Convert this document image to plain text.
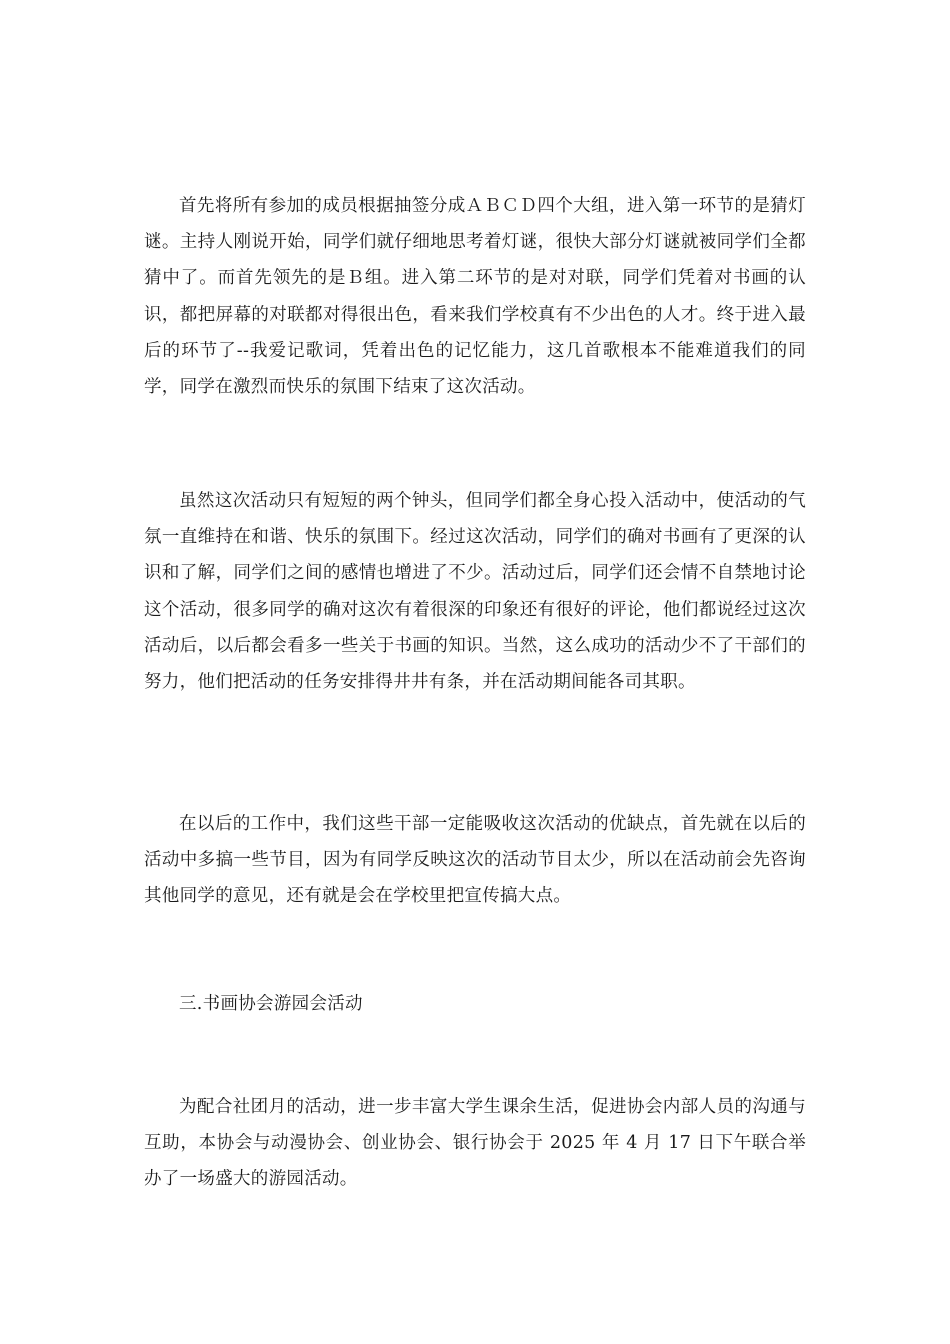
首先将所有参加的成员根据抽签分成ＡＢＣＤ四个大组，进入第一环节的是猜灯谜。主持人刚说开始，同学们就仔细地思考着灯谜，很快大部分灯谜就被同学们全都猜中了。而首先领先的是Ｂ组。进入第二环节的是对对联，同学们凭着对书画的认识，都把屏幕的对联都对得很出色，看来我们学校真有不少出色的人才。终于进入最后的环节了--我爱记歌词，凭着出色的记忆能力，这几首歌根本不能难道我们的同学，同学在激烈而快乐的氛围下结束了这次活动。

虽然这次活动只有短短的两个钟头，但同学们都全身心投入活动中，使活动的气氛一直维持在和谐、快乐的氛围下。经过这次活动，同学们的确对书画有了更深的认识和了解，同学们之间的感情也增进了不少。活动过后，同学们还会情不自禁地讨论这个活动，很多同学的确对这次有着很深的印象还有很好的评论，他们都说经过这次活动后，以后都会看多一些关于书画的知识。当然，这么成功的活动少不了干部们的努力，他们把活动的任务安排得井井有条，并在活动期间能各司其职。

在以后的工作中，我们这些干部一定能吸收这次活动的优缺点，首先就在以后的活动中多搞一些节目，因为有同学反映这次的活动节目太少，所以在活动前会先咨询其他同学的意见，还有就是会在学校里把宣传搞大点。

三.书画协会游园会活动

为配合社团月的活动，进一步丰富大学生课余生活，促进协会内部人员的沟通与互助，本协会与动漫协会、创业协会、银行协会于 2025 年 4 月 17 日下午联合举办了一场盛大的游园活动。
